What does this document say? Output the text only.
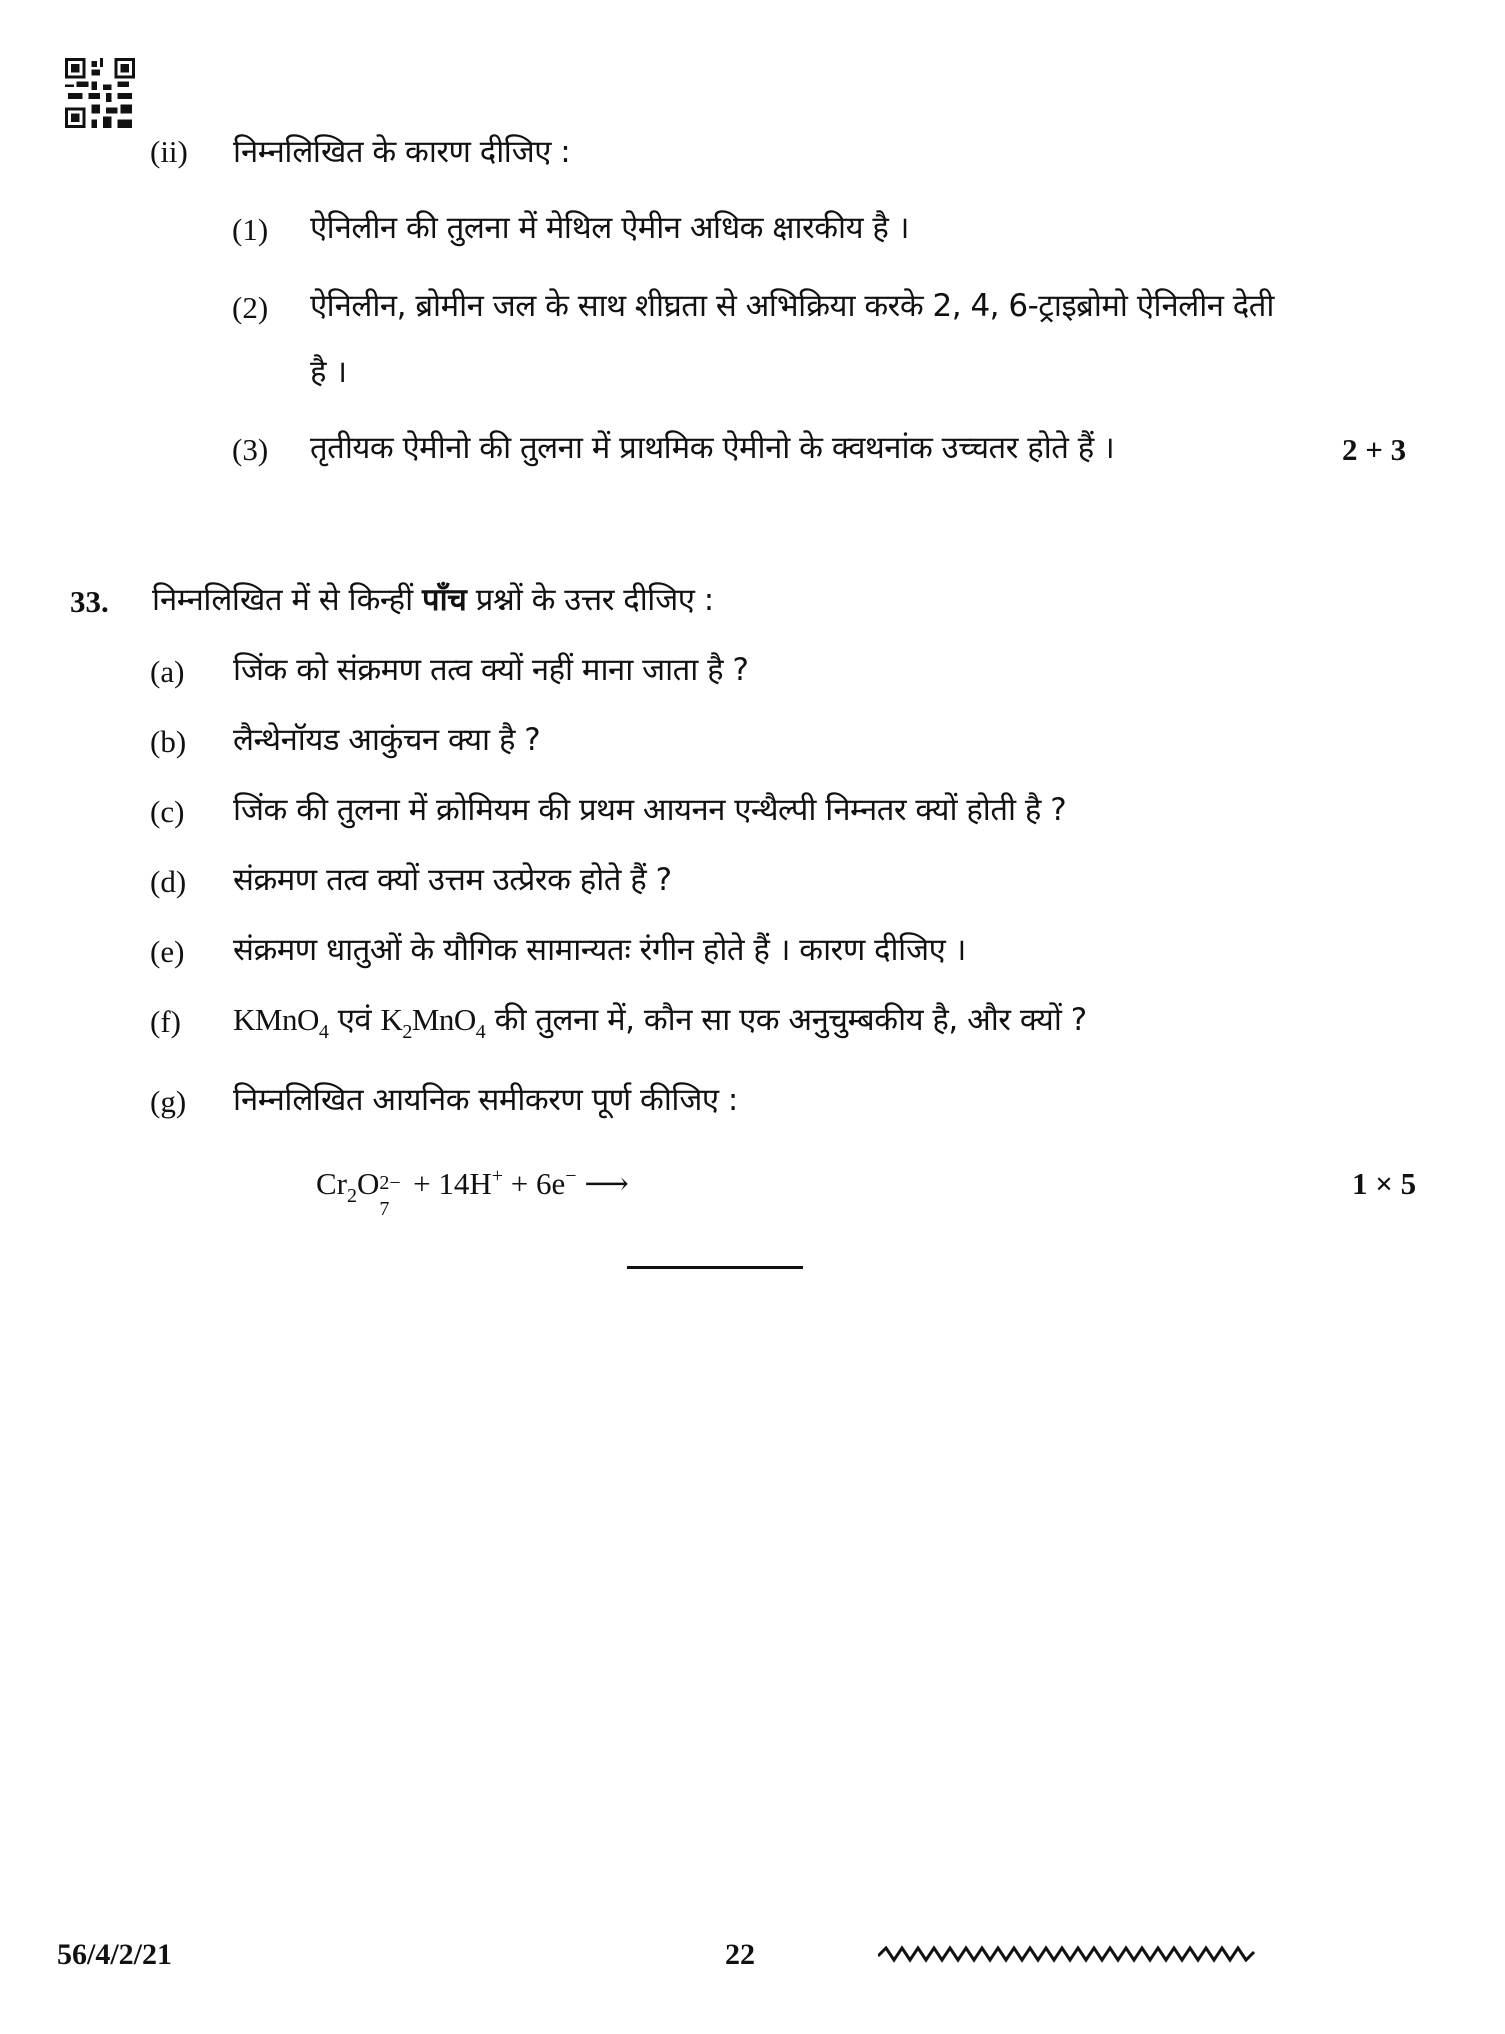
(ii) निम्नलिखित के कारण दीजिए :
(1) ऐनिलीन की तुलना में मेथिल ऐमीन अधिक क्षारकीय है ।
(2) ऐनिलीन, ब्रोमीन जल के साथ शीघ्रता से अभिक्रिया करके 2, 4, 6-ट्राइब्रोमो ऐनिलीन देती
है ।
(3) तृतीयक ऐमीनो की तुलना में प्राथमिक ऐमीनो के क्वथनांक उच्चतर होते हैं ।	2 + 3
33. निम्नलिखित में से किन्हीं पाँच प्रश्नों के उत्तर दीजिए :
(a) जिंक को संक्रमण तत्व क्यों नहीं माना जाता है ?
(b) लैन्थेनॉयड आकुंचन क्या है ?
(c) जिंक की तुलना में क्रोमियम की प्रथम आयनन एन्थैल्पी निम्नतर क्यों होती है ?
(d) संक्रमण तत्व क्यों उत्तम उत्प्रेरक होते हैं ?
(e) संक्रमण धातुओं के यौगिक सामान्यतः रंगीन होते हैं । कारण दीजिए ।
(f) KMnO$_4$ एवं $K_2MnO_4$ की तुलना में, कौन सा एक अनुचुम्बकीय है, और क्यों ?
(g) निम्नलिखित आयनिक समीकरण पूर्ण कीजिए :
$Cr_2O$ 2−
7
+ 14H+ + 6e− ⟶	1 × 5
56/4/2/21	22
